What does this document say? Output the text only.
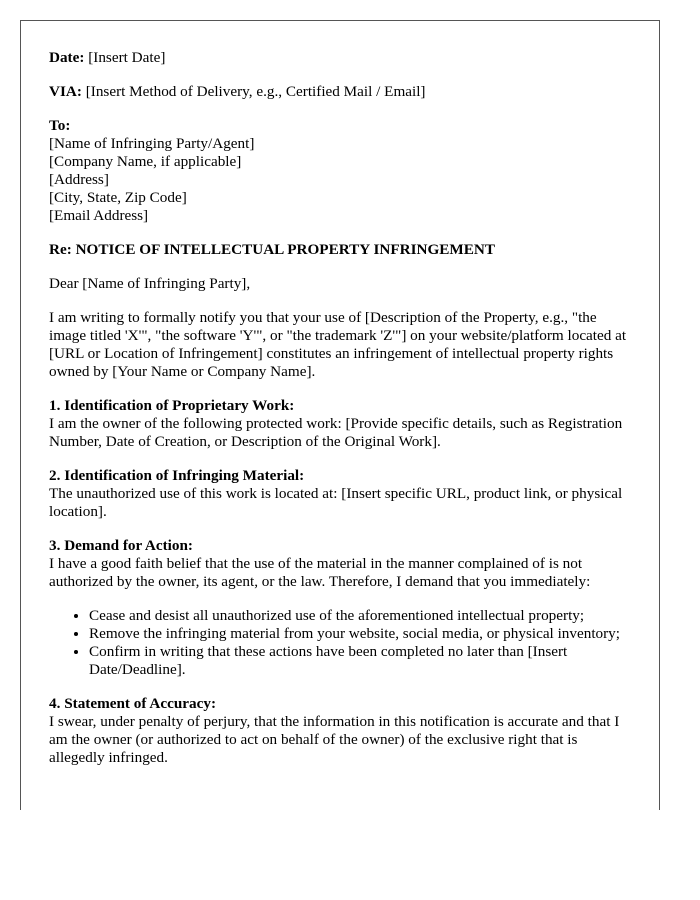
Date: [Insert Date]

VIA: [Insert Method of Delivery, e.g., Certified Mail / Email]

To:
[Name of Infringing Party/Agent]
[Company Name, if applicable]
[Address]
[City, State, Zip Code]
[Email Address]

Re: NOTICE OF INTELLECTUAL PROPERTY INFRINGEMENT

Dear [Name of Infringing Party],

I am writing to formally notify you that your use of [Description of the Property, e.g., "the image titled 'X'", "the software 'Y'", or "the trademark 'Z'"] on your website/platform located at [URL or Location of Infringement] constitutes an infringement of intellectual property rights owned by [Your Name or Company Name].

1. Identification of Proprietary Work:
I am the owner of the following protected work: [Provide specific details, such as Registration Number, Date of Creation, or Description of the Original Work].

2. Identification of Infringing Material:
The unauthorized use of this work is located at: [Insert specific URL, product link, or physical location].

3. Demand for Action:
I have a good faith belief that the use of the material in the manner complained of is not authorized by the owner, its agent, or the law. Therefore, I demand that you immediately:

• Cease and desist all unauthorized use of the aforementioned intellectual property;
• Remove the infringing material from your website, social media, or physical inventory;
• Confirm in writing that these actions have been completed no later than [Insert Date/Deadline].

4. Statement of Accuracy:
I swear, under penalty of perjury, that the information in this notification is accurate and that I am the owner (or authorized to act on behalf of the owner) of the exclusive right that is allegedly infringed.
